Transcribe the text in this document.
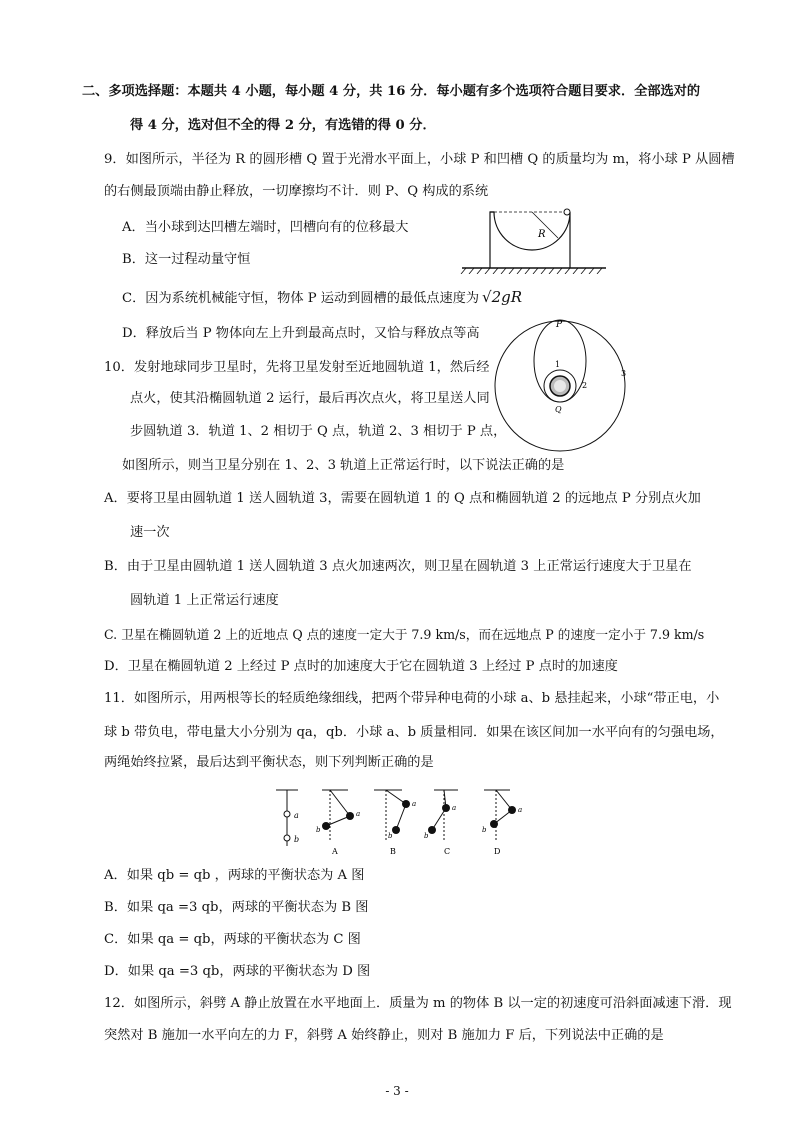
二、多项选择题：本题共 4 小题，每小题 4 分，共 16 分．每小题有多个选项符合题目要求．全部选对的
得 4 分，选对但不全的得 2 分，有选错的得 0 分．
9．如图所示，半径为 R 的圆形槽 Q 置于光滑水平面上，小球 P 和凹槽 Q 的质量均为 m，将小球 P 从圆槽
的右侧最顶端由静止释放，一切摩擦均不计．则 P、Q 构成的系统
A．当小球到达凹槽左端时，凹槽向有的位移最大
B．这一过程动量守恒
C．因为系统机械能守恒，物体 P 运动到圆槽的最低点速度为 √2gR
D．释放后当 P 物体向左上升到最高点时，又恰与释放点等高
R
10．发射地球同步卫星时，先将卫星发射至近地圆轨道 1，然后经
点火，使其沿椭圆轨道 2 运行，最后再次点火，将卫星送人同
步圆轨道 3．轨道 1、2 相切于 Q 点，轨道 2、3 相切于 P 点，
如图所示，则当卫星分别在 1、2、3 轨道上正常运行时，以下说法正确的是
A．要将卫星由圆轨道 1 送人圆轨道 3，需要在圆轨道 1 的 Q 点和椭圆轨道 2 的远地点 P 分别点火加
速一次
B．由于卫星由圆轨道 1 送人圆轨道 3 点火加速两次，则卫星在圆轨道 3 上正常运行速度大于卫星在
圆轨道 1 上正常运行速度
C. 卫星在椭圆轨道 2 上的近地点 Q 点的速度一定大于 7.9 km/s，而在远地点 P 的速度一定小于 7.9 km/s
D．卫星在椭圆轨道 2 上经过 P 点时的加速度大于它在圆轨道 3 上经过 P 点时的加速度
P
1
2
3
Q
11．如图所示，用两根等长的轻质绝缘细线，把两个带异种电荷的小球 a、b 悬挂起来，小球“带正电，小
球 b 带负电，带电量大小分别为 qa，qb．小球 a、b 质量相同．如果在该区间加一水平向有的匀强电场，
两绳始终拉紧，最后达到平衡状态，则下列判断正确的是
a
b
a
b
A
a
b
B
a
b
C
a
b
D
A．如果 qb = qb ，两球的平衡状态为 A 图
B．如果 qa =3 qb，两球的平衡状态为 B 图
C．如果 qa = qb，两球的平衡状态为 C 图
D．如果 qa =3 qb，两球的平衡状态为 D 图
12．如图所示，斜劈 A 静止放置在水平地面上．质量为 m 的物体 B 以一定的初速度可沿斜面减速下滑．现
突然对 B 施加一水平向左的力 F，斜劈 A 始终静止，则对 B 施加力 F 后，下列说法中正确的是
- 3 -
